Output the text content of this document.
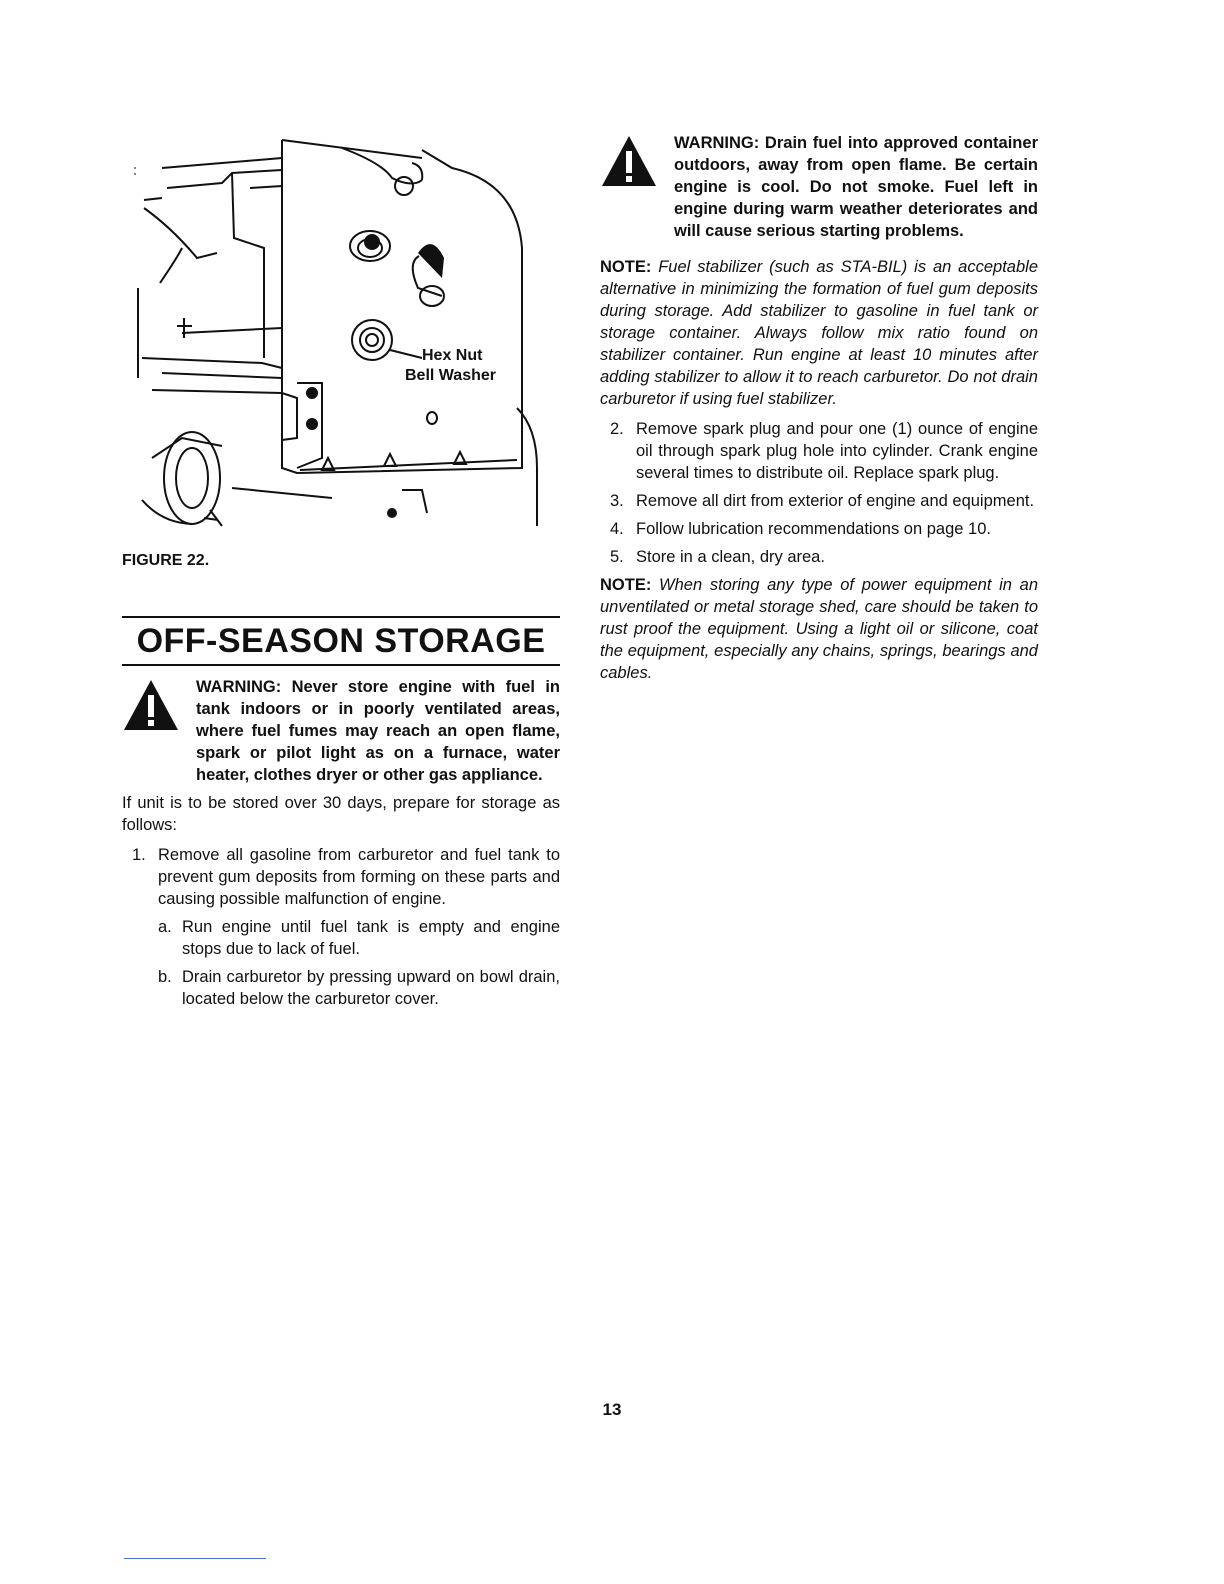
Hex Nut
Bell Washer
FIGURE 22.
OFF-SEASON STORAGE
WARNING: Never store engine with fuel in tank indoors or in poorly ventilated areas, where fuel fumes may reach an open flame, spark or pilot light as on a furnace, water heater, clothes dryer or other gas appliance.
If unit is to be stored over 30 days, prepare for storage as follows:
1. Remove all gasoline from carburetor and fuel tank to prevent gum deposits from forming on these parts and causing possible malfunction of engine.
a. Run engine until fuel tank is empty and engine stops due to lack of fuel.
b. Drain carburetor by pressing upward on bowl drain, located below the carburetor cover.
WARNING: Drain fuel into approved container outdoors, away from open flame. Be certain engine is cool. Do not smoke. Fuel left in engine during warm weather deteriorates and will cause serious starting problems.
NOTE: Fuel stabilizer (such as STA-BIL) is an acceptable alternative in minimizing the formation of fuel gum deposits during storage. Add stabilizer to gasoline in fuel tank or storage container. Always follow mix ratio found on stabilizer container. Run engine at least 10 minutes after adding stabilizer to allow it to reach carburetor. Do not drain carburetor if using fuel stabilizer.
2. Remove spark plug and pour one (1) ounce of engine oil through spark plug hole into cylinder. Crank engine several times to distribute oil. Replace spark plug.
3. Remove all dirt from exterior of engine and equipment.
4. Follow lubrication recommendations on page 10.
5. Store in a clean, dry area.
NOTE: When storing any type of power equipment in an unventilated or metal storage shed, care should be taken to rust proof the equipment. Using a light oil or silicone, coat the equipment, especially any chains, springs, bearings and cables.
13
